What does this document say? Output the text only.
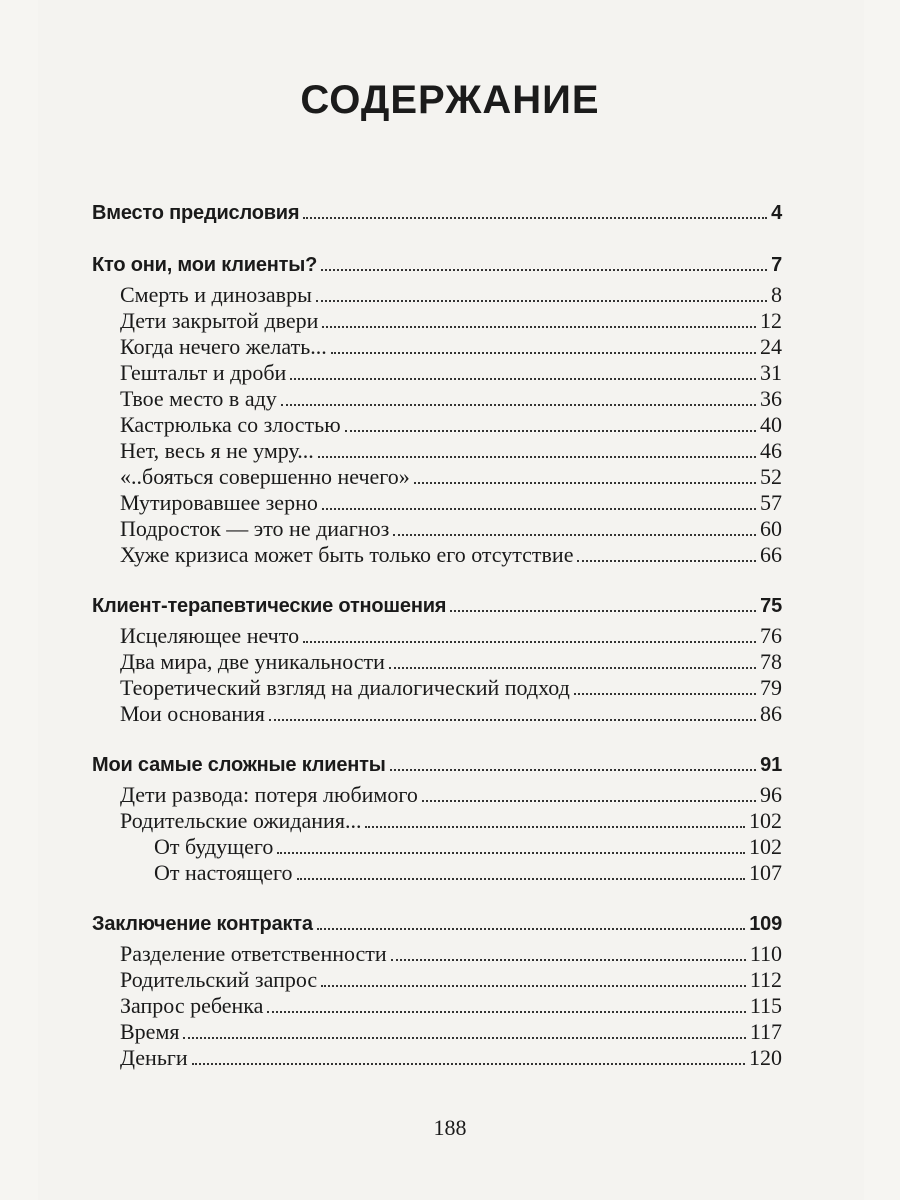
СОДЕРЖАНИЕ
Вместо предисловия	4
Кто они, мои клиенты?	7
Смерть и динозавры	8
Дети закрытой двери	12
Когда нечего желать...	24
Гештальт и дроби	31
Твое место в аду	36
Кастрюлька со злостью	40
Нет, весь я не умру...	46
«..бояться совершенно нечего»	52
Мутировавшее зерно	57
Подросток — это не диагноз	60
Хуже кризиса может быть только его отсутствие	66
Клиент-терапевтические отношения	75
Исцеляющее нечто	76
Два мира, две уникальности	78
Теоретический взгляд на диалогический подход	79
Мои основания	86
Мои самые сложные клиенты	91
Дети развода: потеря любимого	96
Родительские ожидания...	102
От будущего	102
От настоящего	107
Заключение контракта	109
Разделение ответственности	110
Родительский запрос	112
Запрос ребенка	115
Время	117
Деньги	120
188
